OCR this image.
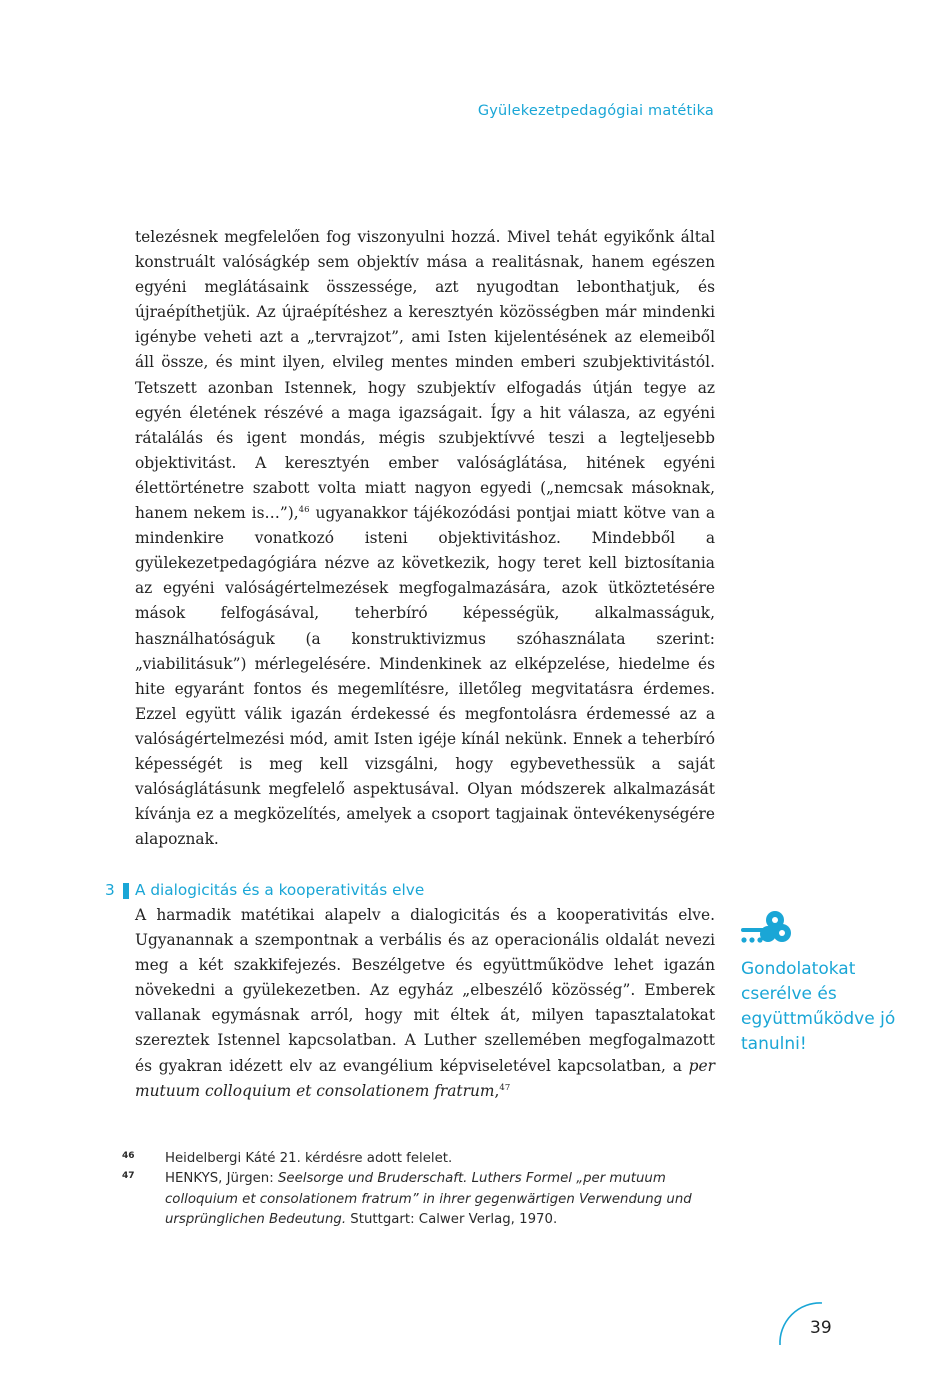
Gyülekezetpedagógiai matétika

telezésnek megfelelően fog viszonyulni hozzá. Mivel tehát egyikőnk által konstruált valóságkép sem objektív mása a realitásnak, hanem egészen egyéni meglátásaink összessége, azt nyugodtan lebonthatjuk, és újraépíthetjük. Az újraépítéshez a keresztyén közösségben már mindenki igénybe veheti azt a „tervrajzot”, ami Isten kijelentésének az elemeiből áll össze, és mint ilyen, elvileg mentes minden emberi szubjektivitástól. Tetszett azonban Istennek, hogy szubjektív elfogadás útján tegye az egyén életének részévé a maga igazságait. Így a hit válasza, az egyéni rátalálás és igent mondás, mégis szubjektívvé teszi a legteljesebb objektivitást. A keresztyén ember valóságlátása, hitének egyéni élettörténetre szabott volta miatt nagyon egyedi („nemcsak másoknak, hanem nekem is…”),$^{46}$ ugyanakkor tájékozódási pontjai miatt kötve van a mindenkire vonatkozó isteni objektivitáshoz. Mindebből a gyülekezetpedagógiára nézve az következik, hogy teret kell biztosítania az egyéni valóságértelmezések megfogalmazására, azok ütköztetésére mások felfogásával, teherbíró képességük, alkalmasságuk, használhatóságuk (a konstruktivizmus szóhasználata szerint: „viabilitásuk”) mérlegelésére. Mindenkinek az elképzelése, hiedelme és hite egyaránt fontos és megemlítésre, illetőleg megvitatásra érdemes. Ezzel együtt válik igazán érdekessé és megfontolásra érdemessé az a valóságértelmezési mód, amit Isten igéje kínál nekünk. Ennek a teherbíró képességét is meg kell vizsgálni, hogy egybevethessük a saját valóságlátásunk megfelelő aspektusával. Olyan módszerek alkalmazását kívánja ez a megközelítés, amelyek a csoport tagjainak öntevékenységére alapoznak.

3 A dialogicitás és a kooperativitás elve

A harmadik matétikai alapelv a dialogicitás és a kooperativitás elve. Ugyanannak a szempontnak a verbális és az operacionális oldalát nevezi meg a két szakkifejezés. Beszélgetve és együttműködve lehet igazán növekedni a gyülekezetben. Az egyház „elbeszélő közösség”. Emberek vallanak egymásnak arról, hogy mit éltek át, milyen tapasztalatokat szereztek Istennel kapcsolatban. A Luther szellemében megfogalmazott és gyakran idézett elv az evangélium képviseletével kapcsolatban, a per mutuum colloquium et consolationem fratrum,$^{47}$

Gondolatokat cserélve és együttműködve jó tanulni!

46 Heidelbergi Káté 21. kérdésre adott felelet.
47 HENKYS, Jürgen: Seelsorge und Bruderschaft. Luthers Formel „per mutuum colloquium et consolationem fratrum” in ihrer gegenwärtigen Verwendung und ursprünglichen Bedeutung. Stuttgart: Calwer Verlag, 1970.
39
